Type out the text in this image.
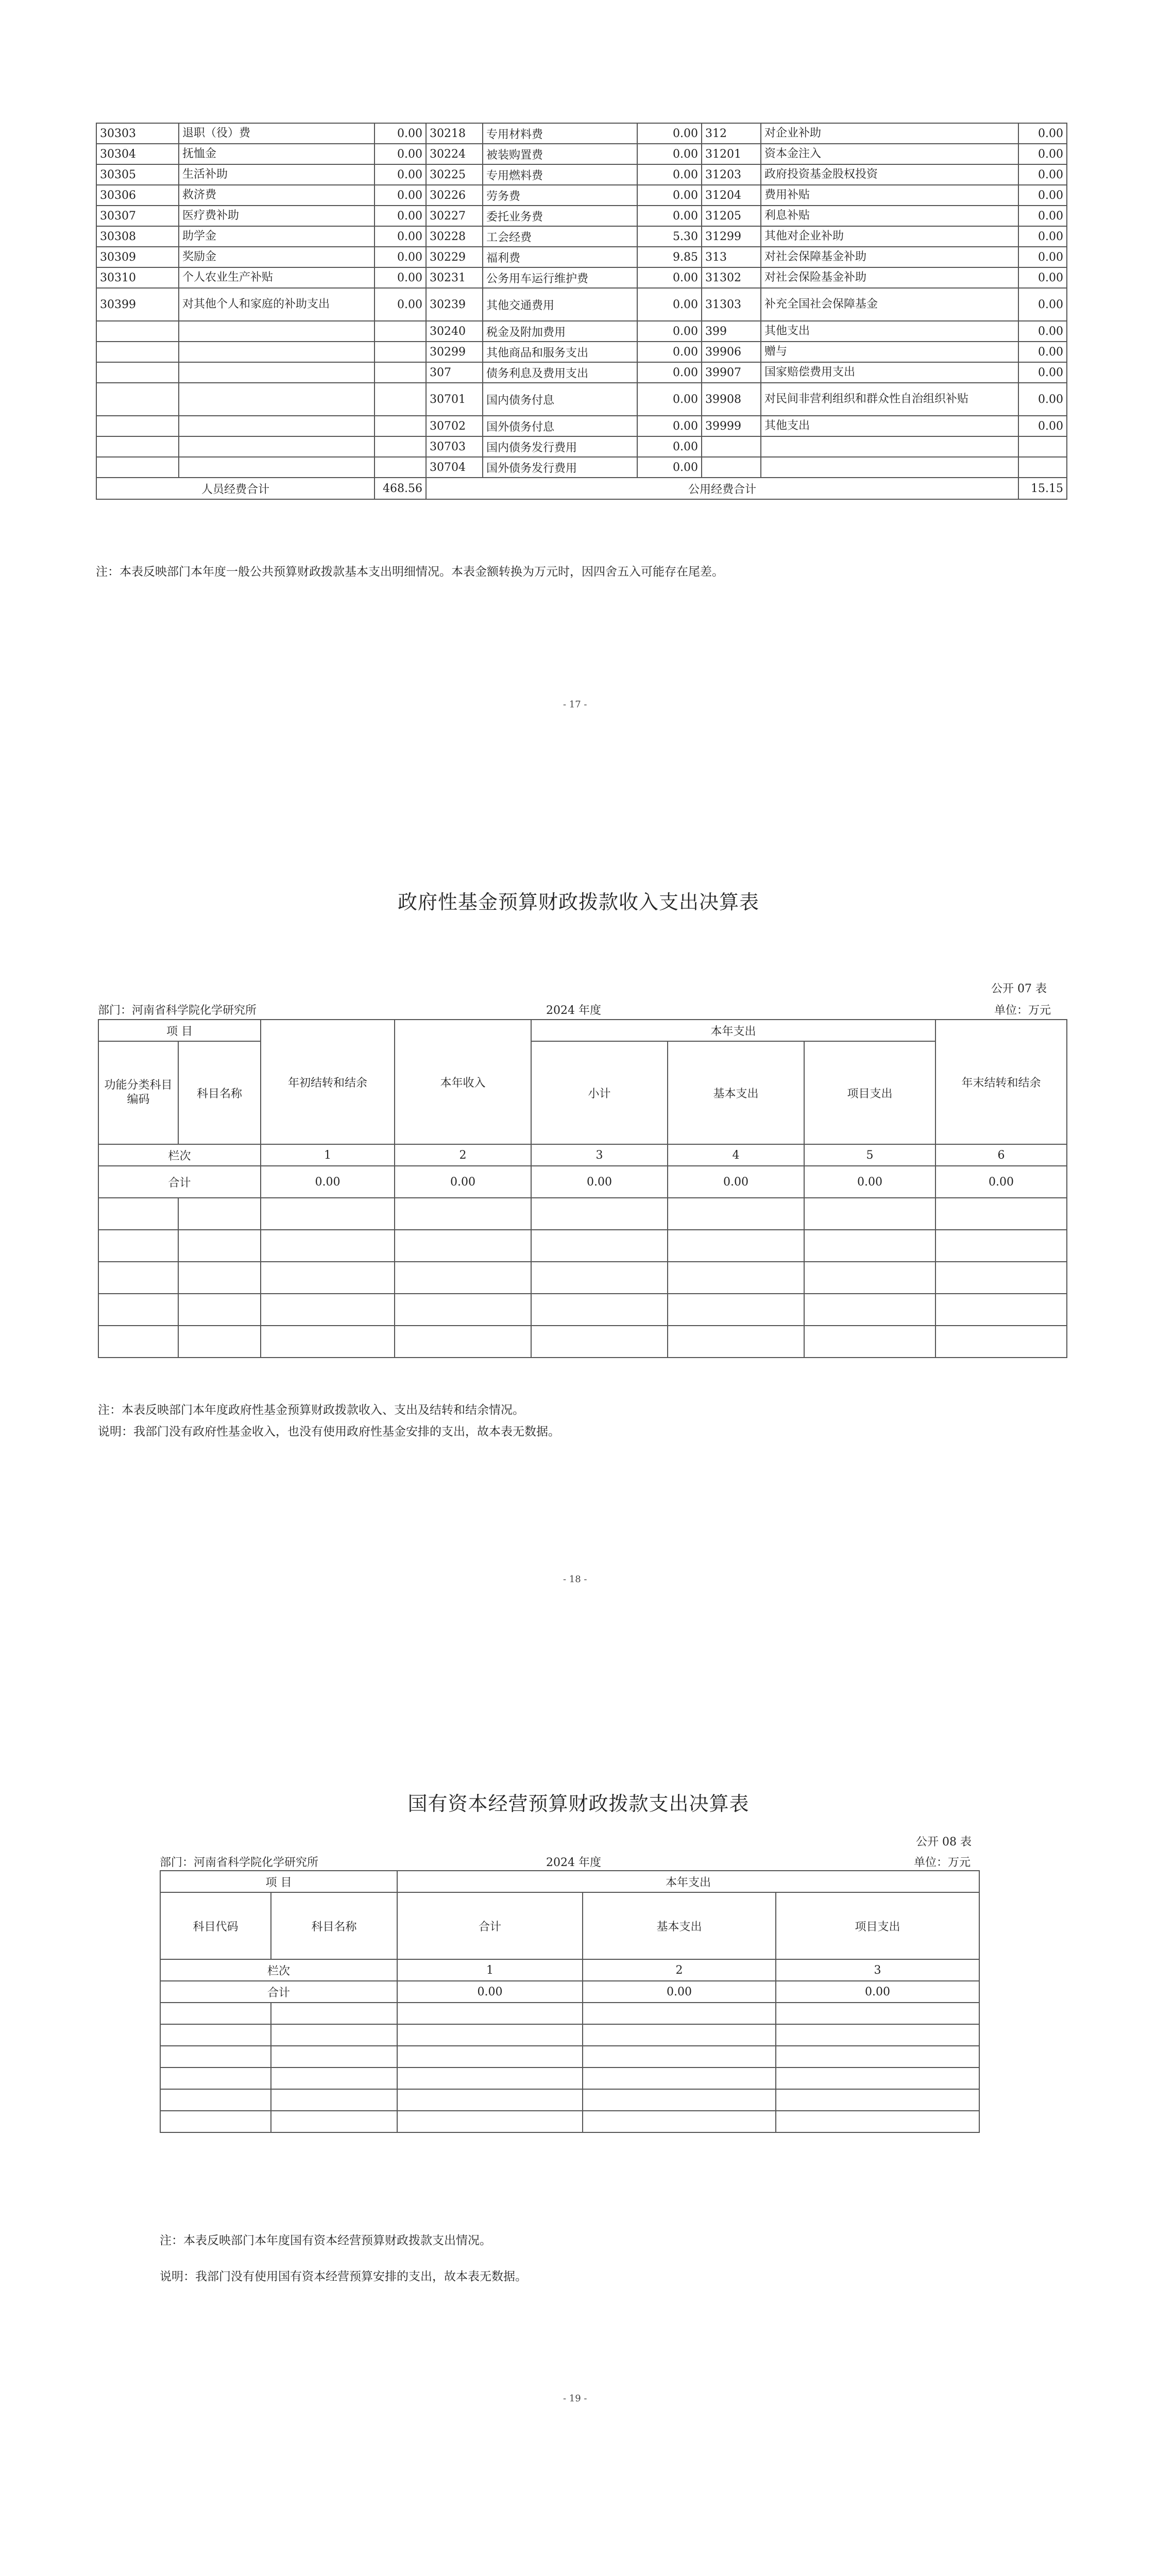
30303	退职（役）费	0.00	30218	专用材料费	0.00	312	对企业补助	0.00
30304	抚恤金	0.00	30224	被装购置费	0.00	31201	资本金注入	0.00
30305	生活补助	0.00	30225	专用燃料费	0.00	31203	政府投资基金股权投资	0.00
30306	救济费	0.00	30226	劳务费	0.00	31204	费用补贴	0.00
30307	医疗费补助	0.00	30227	委托业务费	0.00	31205	利息补贴	0.00
30308	助学金	0.00	30228	工会经费	5.30	31299	其他对企业补助	0.00
30309	奖励金	0.00	30229	福利费	9.85	313	对社会保障基金补助	0.00
30310	个人农业生产补贴	0.00	30231	公务用车运行维护费	0.00	31302	对社会保险基金补助	0.00
30399	对其他个人和家庭的补助支出	0.00	30239	其他交通费用	0.00	31303	补充全国社会保障基金	0.00
			30240	税金及附加费用	0.00	399	其他支出	0.00
			30299	其他商品和服务支出	0.00	39906	赠与	0.00
			307	债务利息及费用支出	0.00	39907	国家赔偿费用支出	0.00
			30701	国内债务付息	0.00	39908	对民间非营利组织和群众性自治组织补贴	0.00
			30702	国外债务付息	0.00	39999	其他支出	0.00
			30703	国内债务发行费用	0.00			
			30704	国外债务发行费用	0.00			
人员经费合计		468.56	公用经费合计					15.15
注：本表反映部门本年度一般公共预算财政拨款基本支出明细情况。本表金额转换为万元时，因四舍五入可能存在尾差。
- 17 -
政府性基金预算财政拨款收入支出决算表
公开 07 表
部门：河南省科学院化学研究所	2024 年度	单位：万元
项 目		年初结转和结余	本年收入	本年支出			年末结转和结余
功能分类科目编码	科目名称			小计	基本支出	项目支出	
栏次		1	2	3	4	5	6
合计		0.00	0.00	0.00	0.00	0.00	0.00

注：本表反映部门本年度政府性基金预算财政拨款收入、支出及结转和结余情况。
说明：我部门没有政府性基金收入，也没有使用政府性基金安排的支出，故本表无数据。
- 18 -
国有资本经营预算财政拨款支出决算表
公开 08 表
部门：河南省科学院化学研究所	2024 年度	单位：万元
项 目		本年支出		
科目代码	科目名称	合计	基本支出	项目支出
栏次		1	2	3
合计		0.00	0.00	0.00

注：本表反映部门本年度国有资本经营预算财政拨款支出情况。
说明：我部门没有使用国有资本经营预算安排的支出，故本表无数据。
- 19 -
